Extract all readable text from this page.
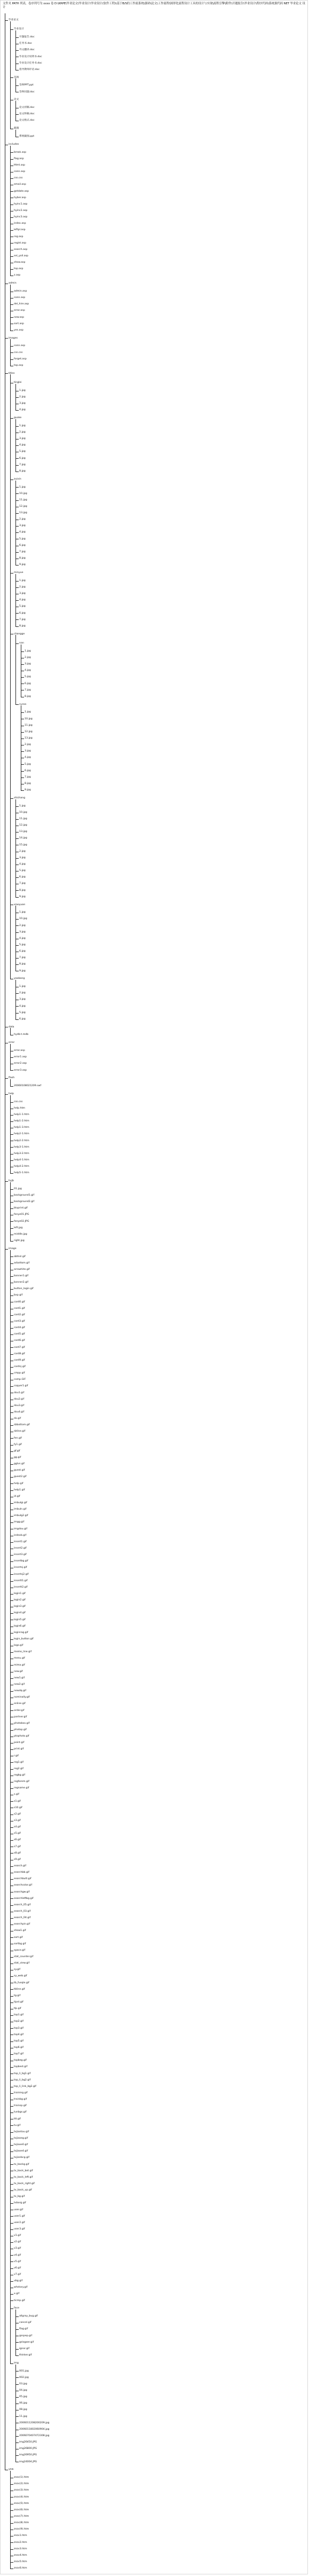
文件夹 PATH 列表，卷序列号为 xxxx 卷 D:\KRPE\毕业论文\毕业设计\毕业设计(软件工程)\基于B/S的工作流系统\源码\论文\工作流程\图形化流程设计工具的设计与实现\流程引擎\附件\开题报告\毕业设计\程序代码\系统源代码 NET 毕业论文 设计
毕业论文
毕业设计
开题报告.doc
任务书.doc
外文翻译.doc
毕业设计说明书.doc
毕业设计任务书.doc
指导教师评语.doc
答辩
答辩PPT.ppt
答辩问题.doc
论文
论文初稿.doc
论文终稿.doc
论文格式.doc
截图
系统截图.ppt
includes
break.asp
flag.asp
Html.asp
conn.asp
css.css
email.asp
getdate.asp
hyber.asp
hyinc1.asp
hyinc2.asp
hyinc3.asp
index.asp
leftpl.asp
reg.asp
regist.asp
search.asp
sel_yoll.asp
show.asp
top.asp
z.asp
admin
admin.asp
conn.asp
del_hire.asp
error.asp
new.asp
sort.asp
yes.asp
images
conn.asp
css.css
forget.asp
top.asp
titles
tinglei
1.jpg
2.jpg
3.jpg
4.jpg
guoke
1.jpg
2.jpg
3.jpg
4.jpg
5.jpg
6.jpg
7.jpg
8.jpg
zuixin
1.jpg
10.jpg
11.jpg
12.jpg
13.jpg
2.jpg
3.jpg
4.jpg
5.jpg
6.jpg
7.jpg
8.jpg
9.jpg
minyue
1.jpg
2.jpg
3.jpg
4.jpg
5.jpg
6.jpg
7.jpg
8.jpg
changge
nan
1.jpg
2.jpg
3.jpg
4.jpg
5.jpg
6.jpg
7.jpg
8.jpg
nvren
1.jpg
10.jpg
11.jpg
12.jpg
13.jpg
2.jpg
3.jpg
4.jpg
5.jpg
6.jpg
7.jpg
8.jpg
9.jpg
shichang
1.jpg
10.jpg
11.jpg
12.jpg
13.jpg
14.jpg
15.jpg
2.jpg
3.jpg
4.jpg
5.jpg
6.jpg
7.jpg
8.jpg
9.jpg
xiaoyuan
1.jpg
10.jpg
2.jpg
3.jpg
4.jpg
5.jpg
6.jpg
7.jpg
8.jpg
9.jpg
yaobang
1.jpg
2.jpg
3.jpg
4.jpg
5.jpg
6.jpg
data
hydb-t.mdb
error
error.asp
error1.asp
error2.asp
error3.asp
flash
20060108021209.swf
help
css.css
help.htm
help1-1.htm
help1-2.htm
help1-3.htm
help2-1.htm
help2-2.htm
help3-1.htm
help3-2.htm
help4-1.htm
help4-2.htm
help5-1.htm
hyjb
01.jpg
background1.gif
background2.gif
bluprint.gif
fenye01.JPG
fenye02.JPG
left.jpg
middle.jpg
right.jpg
image
abtnsl.gif
arbottom.gif
arrowhite.gif
banner1.gif
banner2.gif
button_login.gif
bxp.gif
card0.gif
card1.gif
card2.gif
card3.gif
card4.gif
card5.gif
card6.gif
card7.gif
card8.gif
card9.gif
cardnj.gif
cmpp.gif
comp.GIF
copyer1.gif
dou1.gif
dou2.gif
dou3.gif
dou4.gif
dx.gif
dzbottom.gif
dzline.gif
fen.gif
fy1.gif
gf.gif
gg.gif
gglvs.gif
guest.gif
guest2.gif
help.gif
help1.gif
id.gif
imbulgi.gif
imbuln.gif
imbulg2.gif
imgg.gif
imgdou.gif
indexb.gif
insert1.gif
insert2.gif
insert3.gif
insertbg.gif
insertsj.gif
insertsj2.gif
insertt1.gif
insertt2.gif
login1.gif
login2.gif
login3.gif
login4.gif
login5.gif
login6.gif
loginrag.gif
login_button.gif
logo.gif
memo_line.gif
menu.gif
mima.gif
new.gif
new1.gif
new2.gif
newdq.gif
nominally.gif
online.gif
order.gif
partner.gif
photobox.gif
photop.gif
ptophoto.gif
point.gif
print.gif
r.gif
reg1.gif
reg2.gif
regbg.gif
regforem.gif
regname.gif
s.gif
s1.gif
s10.gif
s2.gif
s3.gif
s4.gif
s5.gif
s6.gif
s7.gif
s8.gif
s9.gif
search.gif
searchbb.gif
searchbutt.gif
searchcolor.gif
searchgw.gif
searchleftbg.gif
search_05.gif
search_03.gif
search_04.gif
searchpin.gif
show1.gif
sort.gif
sortbg.gif
space.gif
stat_counter.gif
stat_view.gif
sy.gif
sy_web.gif
tb_fusqle.gif
tbline.gif
tg.gif
tipst.gif
tlp.gif
top1.gif
top2.gif
top3.gif
top4.gif
top5.gif
top6.gif
top7.gif
topbeg.gif
topbest.gif
top_li_bg1.gif
top_li_bg2.gif
top_li_link_bg2.gif
training.gif
trainbg.gif
trainsp.gif
tunbgs.gif
ttt.gif
tu.gif
txjiantou.gif
txjiaoeg.gif
txjiaoe0.gif
txjiaoe4.gif
txjianbcg.gif
tx_backg.gif
tx_back_bot.gif
tx_back_left.gif
tx_back_right.gif
tx_back_up.gif
tx_bg.gif
txborg.gif
user.gif
user1.gif
user2.gif
user3.gif
v1.gif
v2.gif
v3.gif
v4.gif
v5.gif
v6.gif
v7.gif
vbg.gif
whstory.gif
x.gif
ticmp.gif
face
allgray_bug.gif
cancel.gif
flag.gif
gsspep.gif
gslogoer.gif
ignor.gif
thinker.gif
img
001.jpg
002.jpg
03.jpg
04.jpg
05.jpg
06.jpg
08.jpg
11.jpg
2006011208200209.jpg
2006011802060904.jpg
2006070407472308.jpg
img26450.JPG
img26800.JPG
img26950.JPG
img24004.JPG
yew
znzv(1).htm
znzv(2).htm
znzv(3).htm
znzv(4).htm
znzv(5).htm
znzv(6).htm
znzv(7).htm
znzv(8).htm
znzv(9).htm
znzv1.htm
znzv2.htm
znzv3.htm
znzv4.htm
znzv5.htm
znzv6.htm
